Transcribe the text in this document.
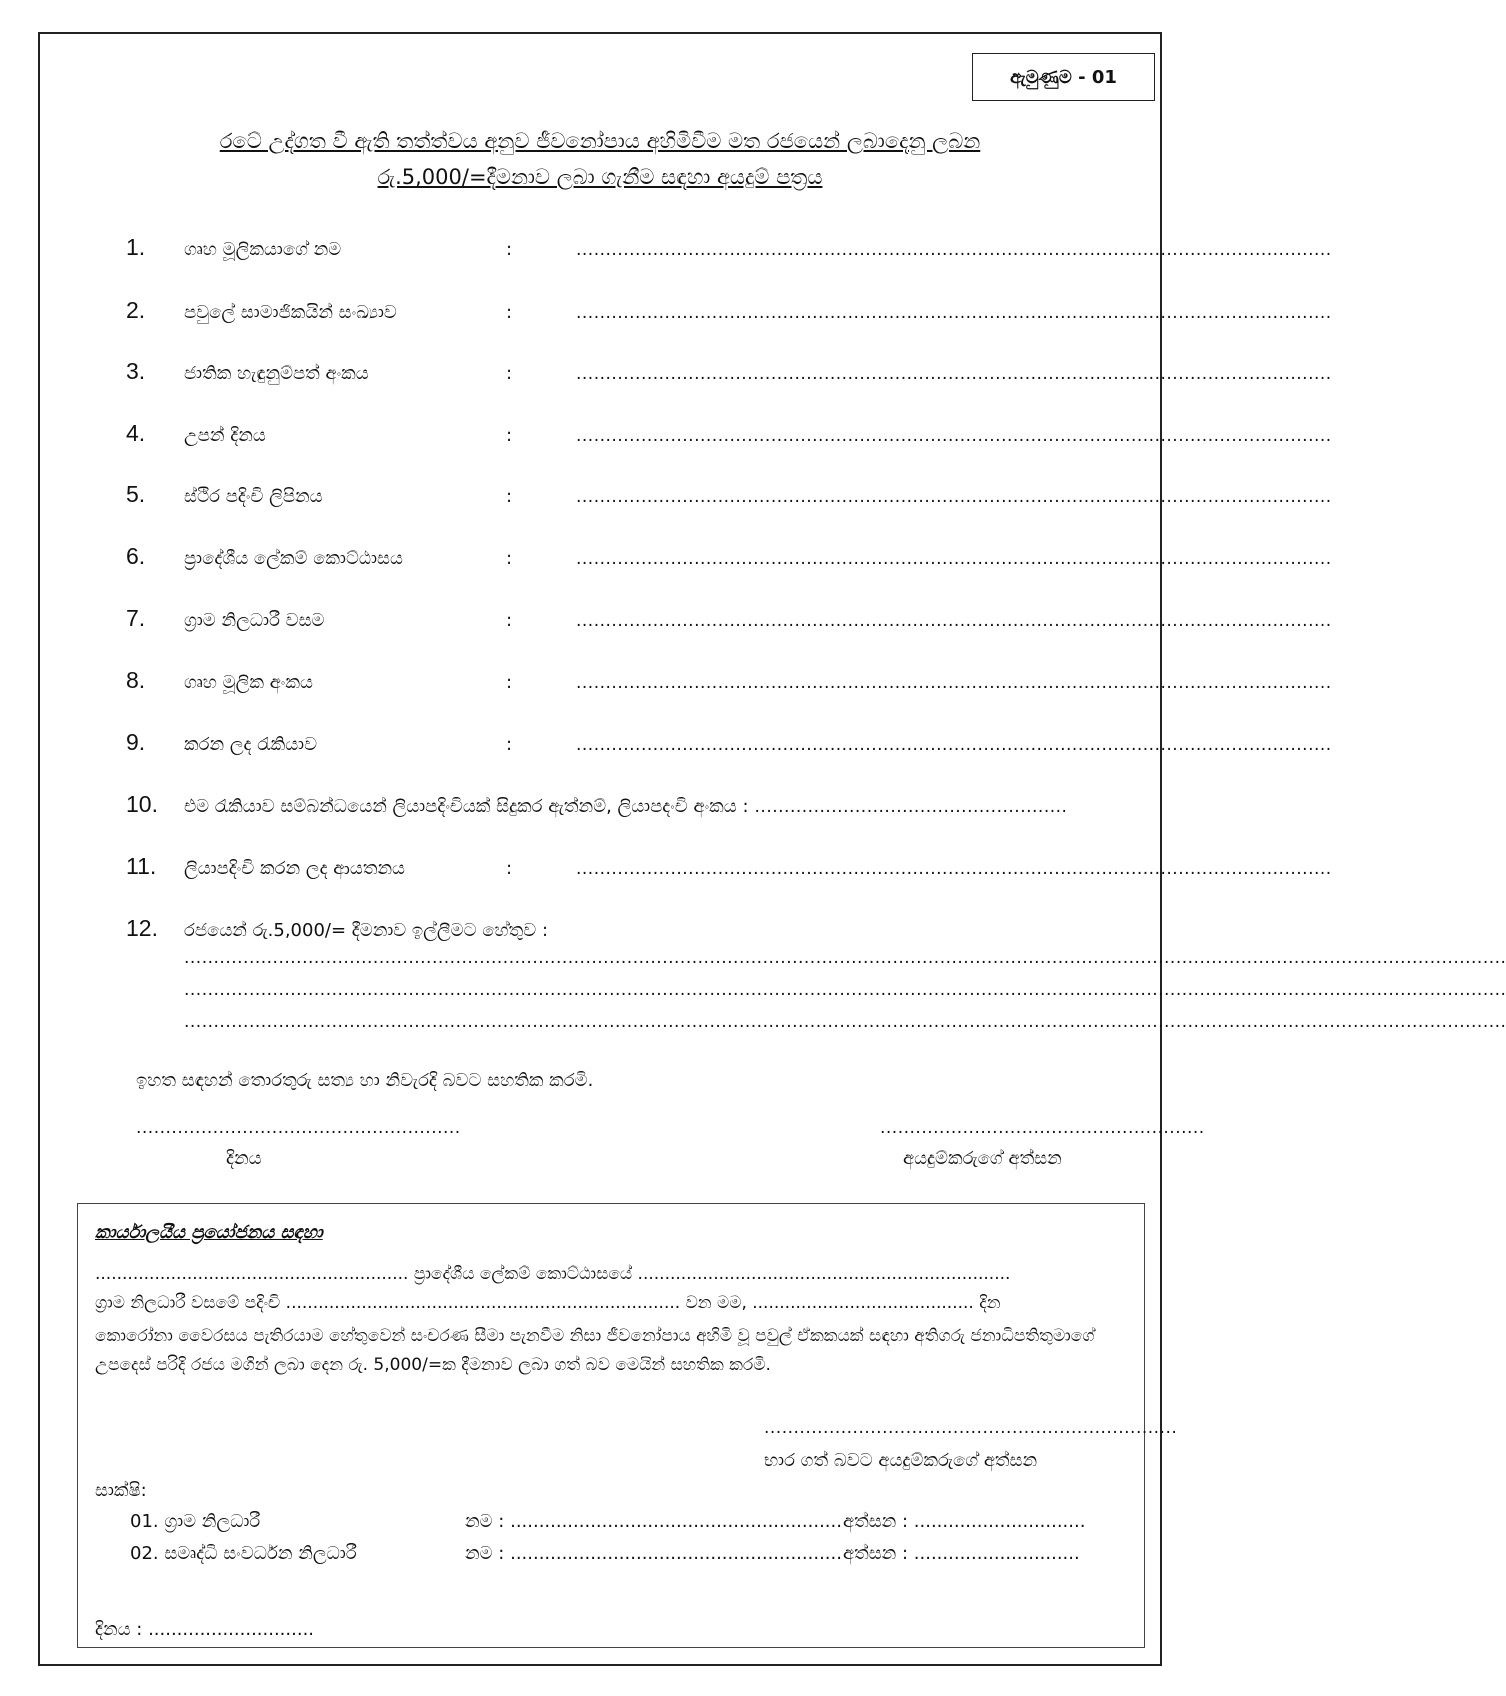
ඇමුණුම - 01
රටේ උද්ගත වී ඇති තත්ත්වය අනුව ජීවනෝපාය අහිමිවීම මත රජයෙන් ලබාදෙනු ලබන
රු.5,000/=දීමනාව ලබා ගැනීම සඳහා අයදුම් පත්‍රය
1.	ගෘහ මූලිකයාගේ නම	:	................................................................................................................................
2.	පවුලේ සාමාජිකයින් සංඛ්‍යාව	:	................................................................................................................................
3.	ජාතික හැඳුනුම්පත් අංකය	:	................................................................................................................................
4.	උපන් දිනය	:	................................................................................................................................
5.	ස්ථිර පදිංචි ලිපිනය	:	................................................................................................................................
6.	ප්‍රාදේශීය ලේකම් කොට්ඨාසය	:	................................................................................................................................
7.	ග්‍රාම නිලධාරී වසම	:	................................................................................................................................
8.	ගෘහ මූලික අංකය	:	................................................................................................................................
9.	කරන ලද රැකියාව	:	................................................................................................................................
10.	එම රැකියාව සම්බන්ධයෙන් ලියාපදිංචියක් සිදුකර ඇත්නම්, ලියාපදංචි අංකය : .....................................................
11.	ලියාපදිංචි කරන ලද ආයතනය	:	................................................................................................................................
12.	රජයෙන් රු.5,000/= දීමනාව ඉල්ලීමට හේතුව :
................................................................................................................................................................................................................................
................................................................................................................................................................................................................................
................................................................................................................................................................................................................................
ඉහත සඳහන් තොරතුරු සත්‍ය හා නිවැරදි බවට සහතික කරමි.
.......................................................
දිනය
.......................................................
අයදුම්කරුගේ අත්සන
කාර්යාලයීය ප්‍රයෝජනය සඳහා
.......................................................... ප්‍රාදේශීය ලේකම් කොට්ඨාසයේ .....................................................................
ග්‍රාම නිලධාරී වසමේ පදිංචි ......................................................................... වන මම, ......................................... දින
කොරෝනා වෛරසය පැතිරයාම හේතුවෙන් සංචරණ සීමා පැනවීම නිසා ජීවනෝපාය අහිමි වූ පවුල් ඒකකයක් සඳහා අතිගරු ජනාධිපතිතුමාගේ උපදෙස් පරිදි රජය මගින් ලබා දෙන රු. 5,000/=ක දීමනාව ලබා ගත් බව මෙයින් සහතික කරමි.
......................................................................
භාර ගත් බවට අයදුම්කරුගේ අත්සන
සාක්ෂි:
01. ග්‍රාම නිලධාරී	නම : .......................................................... අත්සන : ..............................
02. සමෘද්ධි සංවර්ධන නිලධාරී	නම : .......................................................... අත්සන : .............................
දිනය : .............................
